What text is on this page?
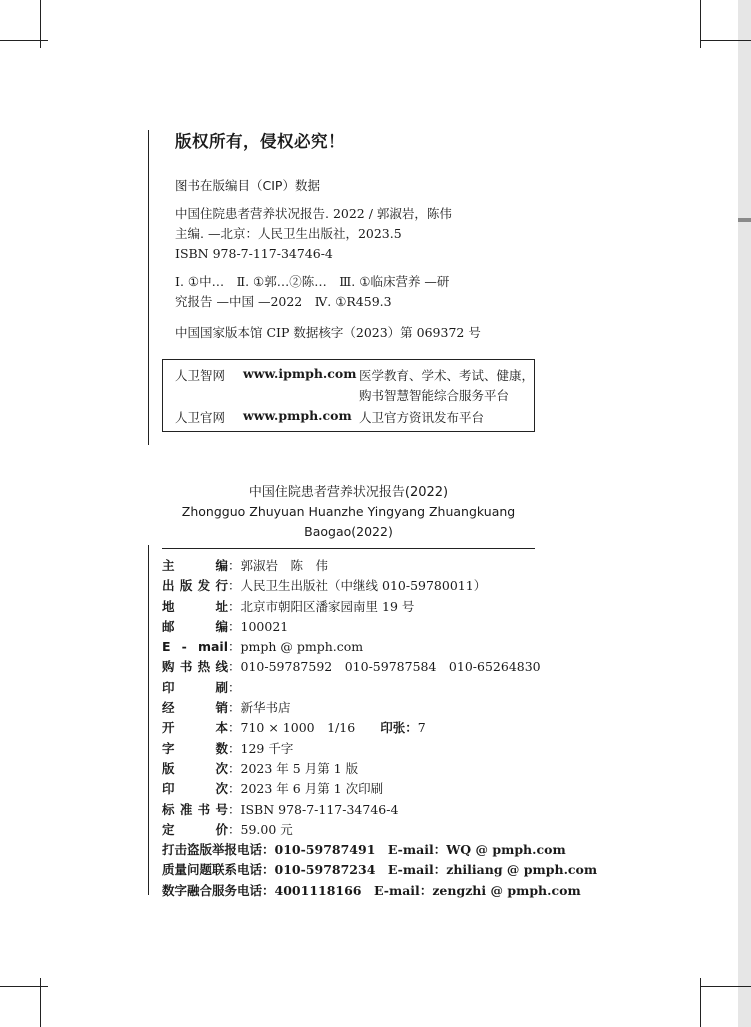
版权所有，侵权必究！
图书在版编目（CIP）数据
中国住院患者营养状况报告. 2022 / 郭淑岩，陈伟
主编. —北京：人民卫生出版社，2023.5
ISBN 978-7-117-34746-4
Ⅰ. ①中…　Ⅱ. ①郭…②陈…　Ⅲ. ①临床营养 —研
究报告 —中国 —2022　Ⅳ. ①R459.3
中国国家版本馆 CIP 数据核字（2023）第 069372 号
人卫智网 www.ipmph.com 医学教育、学术、考试、健康，
购书智慧智能综合服务平台
人卫官网 www.pmph.com 人卫官方资讯发布平台
中国住院患者营养状况报告(2022)
Zhongguo Zhuyuan Huanzhe Yingyang Zhuangkuang
Baogao(2022)
主　　编：郭淑岩　陈　伟
出版发行：人民卫生出版社（中继线 010-59780011）
地　　址：北京市朝阳区潘家园南里 19 号
邮　　编：100021
E - mail：pmph @ pmph.com
购书热线：010-59787592　010-59787584　010-65264830
印　　刷：
经　　销：新华书店
开　　本：710 × 1000　1/16　　印张：7
字　　数：129 千字
版　　次：2023 年 5 月第 1 版
印　　次：2023 年 6 月第 1 次印刷
标准书号：ISBN 978-7-117-34746-4
定　　价：59.00 元
打击盗版举报电话：010-59787491　 E-mail：WQ @ pmph.com
质量问题联系电话：010-59787234　 E-mail：zhiliang @ pmph.com
数字融合服务电话：4001118166　 E-mail：zengzhi @ pmph.com
